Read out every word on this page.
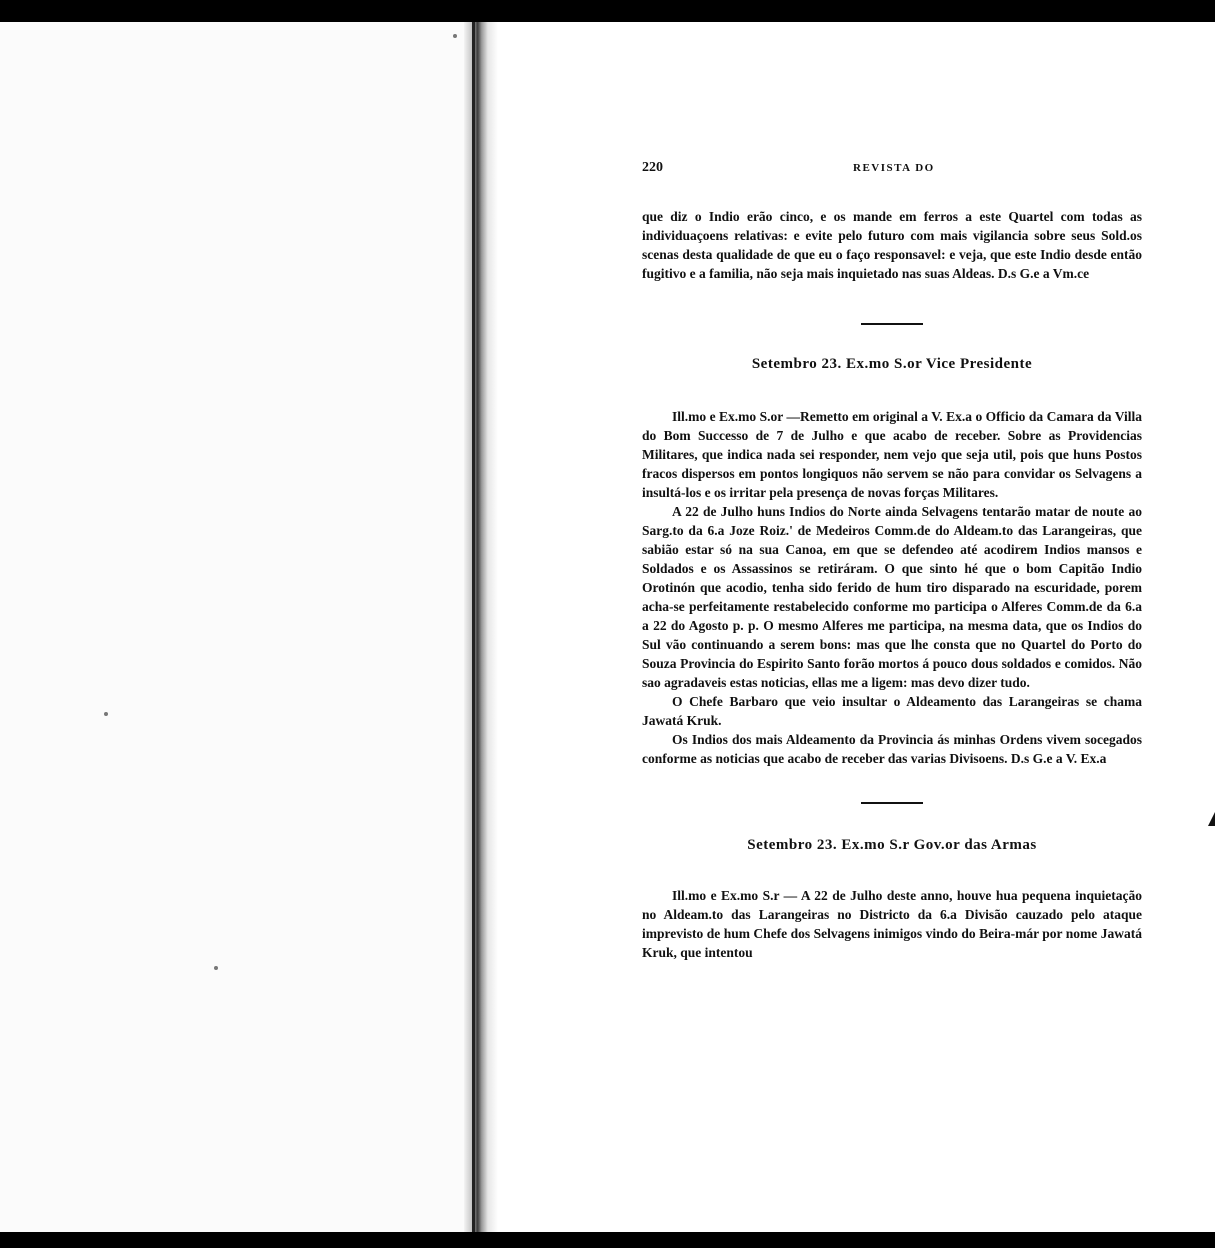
220	REVISTA DO

que diz o Indio erão cinco, e os mande em ferros a este Quartel com todas as individuaçoens relativas: e evite pelo futuro com mais vigilancia sobre seus Sold.os scenas desta qualidade de que eu o faço responsavel: e veja, que este Indio desde então fugitivo e a familia, não seja mais inquietado nas suas Aldeas. D.s G.e a Vm.ce

Setembro 23. Ex.mo S.or Vice Presidente

Ill.mo e Ex.mo S.or —Remetto em original a V. Ex.a o Officio da Camara da Villa do Bom Successo de 7 de Julho e que acabo de receber. Sobre as Providencias Militares, que indica nada sei responder, nem vejo que seja util, pois que huns Postos fracos dispersos em pontos longiquos não servem se não para convidar os Selvagens a insultá-los e os irritar pela presença de novas forças Militares.

A 22 de Julho huns Indios do Norte ainda Selvagens tentarão matar de noute ao Sarg.to da 6.a Joze Roiz.' de Medeiros Comm.de do Aldeam.to das Larangeiras, que sabião estar só na sua Canoa, em que se defendeo até acodirem Indios mansos e Soldados e os Assassinos se retiráram. O que sinto hé que o bom Capitão Indio Orotinón que acodio, tenha sido ferido de hum tiro disparado na escuridade, porem acha-se perfeitamente restabelecido conforme mo participa o Alferes Comm.de da 6.a a 22 do Agosto p. p. O mesmo Alferes me participa, na mesma data, que os Indios do Sul vão continuando a serem bons: mas que lhe consta que no Quartel do Porto do Souza Provincia do Espirito Santo forão mortos á pouco dous soldados e comidos. Não sao agradaveis estas noticias, ellas me a ligem: mas devo dizer tudo.

O Chefe Barbaro que veio insultar o Aldeamento das Larangeiras se chama Jawatá Kruk.

Os Indios dos mais Aldeamento da Provincia ás minhas Ordens vivem socegados conforme as noticias que acabo de receber das varias Divisoens. D.s G.e a V. Ex.a

Setembro 23. Ex.mo S.r Gov.or das Armas

Ill.mo e Ex.mo S.r — A 22 de Julho deste anno, houve hua pequena inquietação no Aldeam.to das Larangeiras no Districto da 6.a Divisão cauzado pelo ataque imprevisto de hum Chefe dos Selvagens inimigos vindo do Beira-már por nome Jawatá Kruk, que intentou
